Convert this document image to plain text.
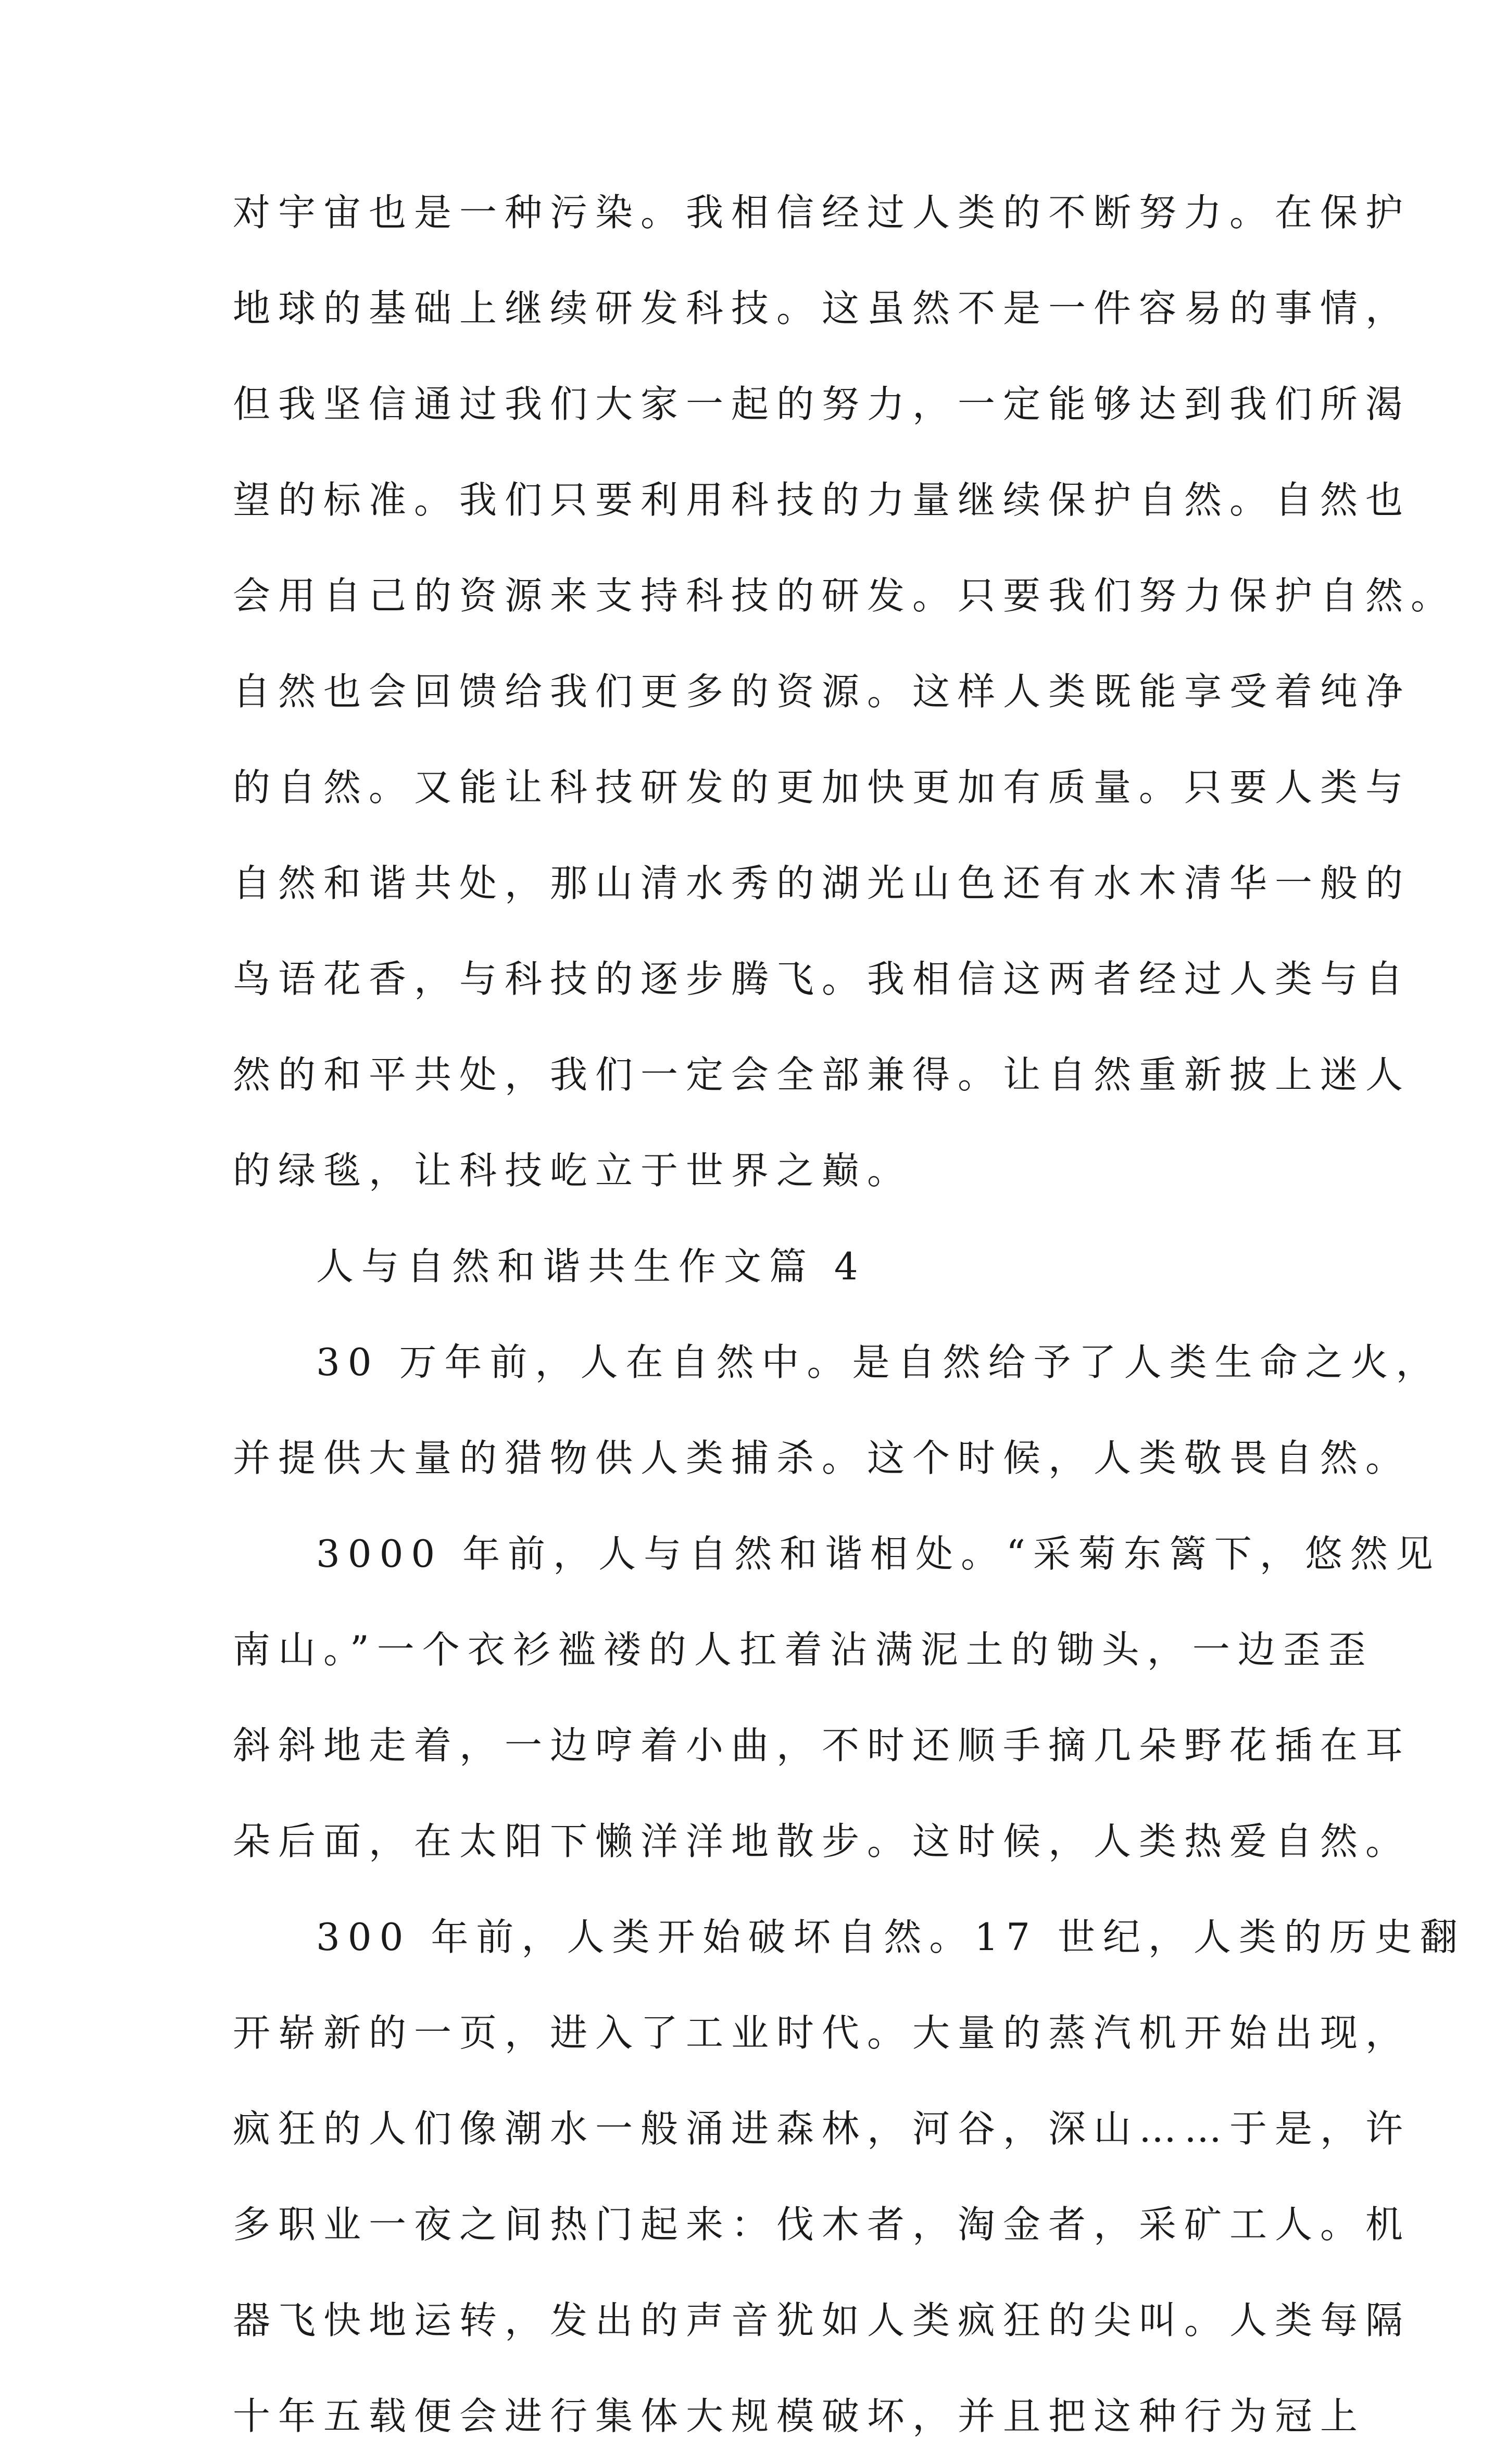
对宇宙也是一种污染。我相信经过人类的不断努力。在保护
地球的基础上继续研发科技。这虽然不是一件容易的事情，
但我坚信通过我们大家一起的努力，一定能够达到我们所渴
望的标准。我们只要利用科技的力量继续保护自然。自然也
会用自己的资源来支持科技的研发。只要我们努力保护自然。
自然也会回馈给我们更多的资源。这样人类既能享受着纯净
的自然。又能让科技研发的更加快更加有质量。只要人类与
自然和谐共处，那山清水秀的湖光山色还有水木清华一般的
鸟语花香，与科技的逐步腾飞。我相信这两者经过人类与自
然的和平共处，我们一定会全部兼得。让自然重新披上迷人
的绿毯，让科技屹立于世界之巅。
人与自然和谐共生作文篇 4
30 万年前，人在自然中。是自然给予了人类生命之火，
并提供大量的猎物供人类捕杀。这个时候，人类敬畏自然。
3000 年前，人与自然和谐相处。“采菊东篱下，悠然见
南山。”一个衣衫褴褛的人扛着沾满泥土的锄头，一边歪歪
斜斜地走着，一边哼着小曲，不时还顺手摘几朵野花插在耳
朵后面，在太阳下懒洋洋地散步。这时候，人类热爱自然。
300 年前，人类开始破坏自然。17 世纪，人类的历史翻
开崭新的一页，进入了工业时代。大量的蒸汽机开始出现，
疯狂的人们像潮水一般涌进森林，河谷，深山……于是，许
多职业一夜之间热门起来：伐木者，淘金者，采矿工人。机
器飞快地运转，发出的声音犹如人类疯狂的尖叫。人类每隔
十年五载便会进行集体大规模破坏，并且把这种行为冠上
